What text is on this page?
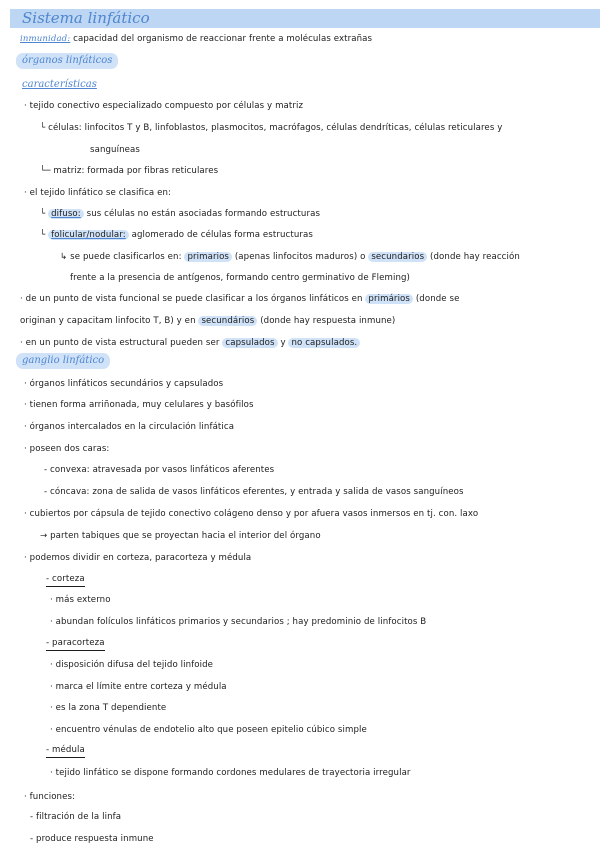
Sistema linfático
inmunidad: capacidad del organismo de reaccionar frente a moléculas extrañas
órganos linfáticos
características
· tejido conectivo especializado compuesto por células y matriz
└ células: linfocitos T y B, linfoblastos, plasmocitos, macrófagos, células dendríticas, células reticulares y
sanguíneas
└─ matriz: formada por fibras reticulares
· el tejido linfático se clasifica en:
└ difuso: sus células no están asociadas formando estructuras
└ folicular/nodular: aglomerado de células forma estructuras
↳ se puede clasificarlos en: primarios (apenas linfocitos maduros) o secundarios (donde hay reacción
frente a la presencia de antígenos, formando centro germinativo de Fleming)
· de un punto de vista funcional se puede clasificar a los órganos linfáticos en primários (donde se
originan y capacitam linfocito T, B) y en secundários (donde hay respuesta inmune)
· en un punto de vista estructural pueden ser capsulados y no capsulados.
ganglio linfático
· órganos linfáticos secundários y capsulados
· tienen forma arriñonada, muy celulares y basófilos
· órganos intercalados en la circulación linfática
· poseen dos caras:
- convexa: atravesada por vasos linfáticos aferentes
- cóncava: zona de salida de vasos linfáticos eferentes, y entrada y salida de vasos sanguíneos
· cubiertos por cápsula de tejido conectivo colágeno denso y por afuera vasos inmersos en tj. con. laxo
→ parten tabiques que se proyectan hacia el interior del órgano
· podemos dividir en corteza, paracorteza y médula
- corteza
· más externo
· abundan folículos linfáticos primarios y secundarios ; hay predominio de linfocitos B
- paracorteza
· disposición difusa del tejido linfoide
· marca el límite entre corteza y médula
· es la zona T dependiente
· encuentro vénulas de endotelio alto que poseen epitelio cúbico simple
- médula
· tejido linfático se dispone formando cordones medulares de trayectoria irregular
· funciones:
- filtración de la linfa
- produce respuesta inmune
